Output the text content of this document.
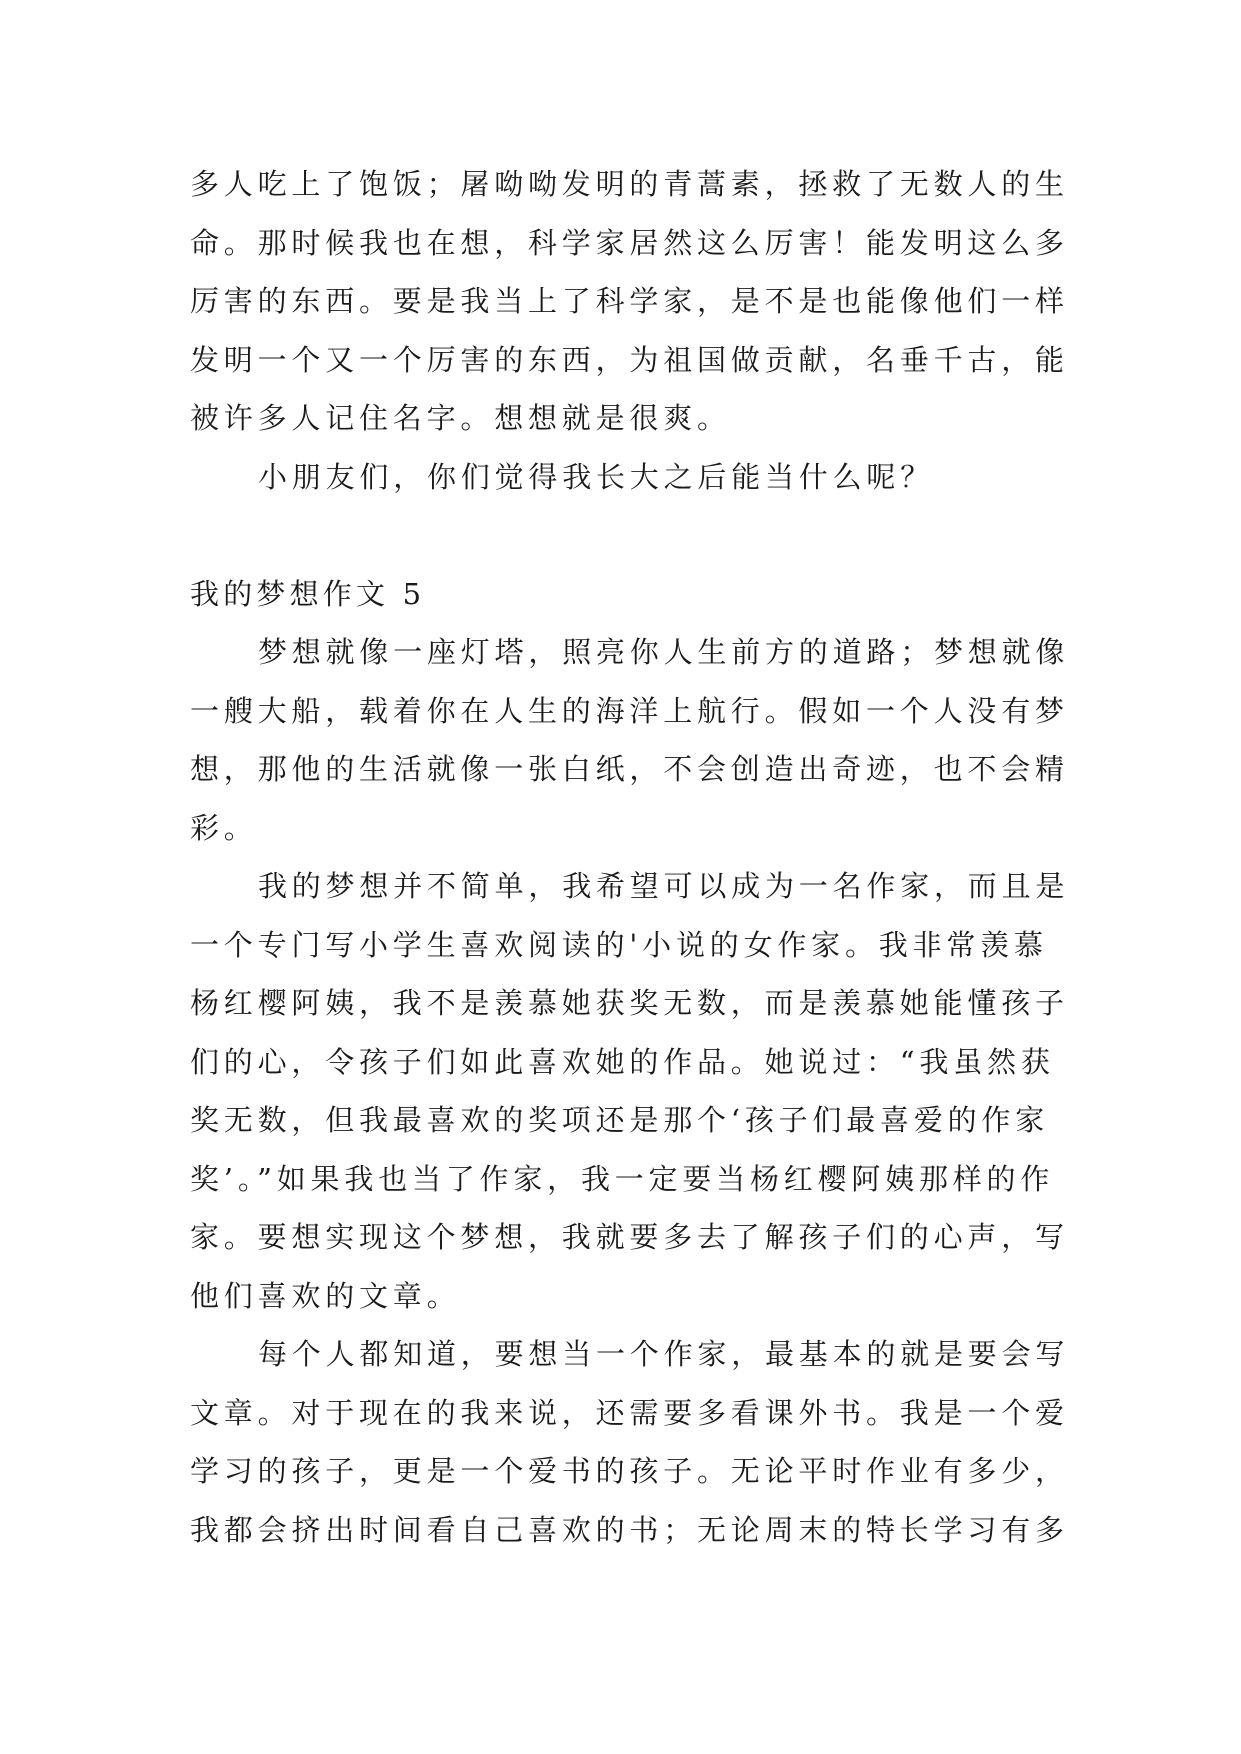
多人吃上了饱饭；屠呦呦发明的青蒿素，拯救了无数人的生
命。那时候我也在想，科学家居然这么厉害！能发明这么多
厉害的东西。要是我当上了科学家，是不是也能像他们一样
发明一个又一个厉害的东西，为祖国做贡献，名垂千古，能
被许多人记住名字。想想就是很爽。
小朋友们，你们觉得我长大之后能当什么呢？
我的梦想作文 5
梦想就像一座灯塔，照亮你人生前方的道路；梦想就像
一艘大船，载着你在人生的海洋上航行。假如一个人没有梦
想，那他的生活就像一张白纸，不会创造出奇迹，也不会精
彩。
我的梦想并不简单，我希望可以成为一名作家，而且是
一个专门写小学生喜欢阅读的'小说的女作家。我非常羡慕
杨红樱阿姨，我不是羡慕她获奖无数，而是羡慕她能懂孩子
们的心，令孩子们如此喜欢她的作品。她说过：“我虽然获
奖无数，但我最喜欢的奖项还是那个‘孩子们最喜爱的作家
奖’。”如果我也当了作家，我一定要当杨红樱阿姨那样的作
家。要想实现这个梦想，我就要多去了解孩子们的心声，写
他们喜欢的文章。
每个人都知道，要想当一个作家，最基本的就是要会写
文章。对于现在的我来说，还需要多看课外书。我是一个爱
学习的孩子，更是一个爱书的孩子。无论平时作业有多少，
我都会挤出时间看自己喜欢的书；无论周末的特长学习有多
